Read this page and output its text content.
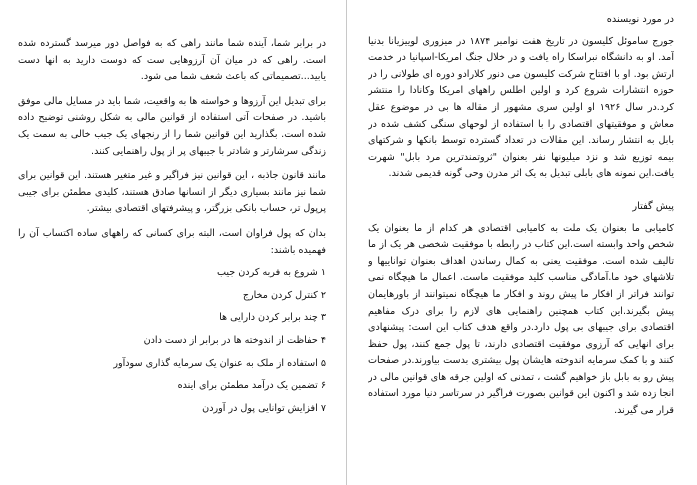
در برابر شما، آینده شما مانند راهی که به فواصل دور میرسد گسترده شده است. راهی که در میان آن آرزوهایی ست که دوست دارید به انها دست یابید...تصمیماتی که باعث شعف شما می شود.

برای تبدیل این آرزوها و خواسته ها به واقعیت، شما باید در مسایل مالی موفق باشید. در صفحات آتی استفاده از قوانین مالی به شکل روشنی توضیح داده شده است. بگذارید این قوانین شما را از رنجهای یک جیب خالی به سمت یک زندگی سرشارتر و شادتر با جیبهای پر از پول راهنمایی کنند.

مانند قانون جاذبه ، این قوانین نیز فراگیر و غیر متغیر هستند. این قوانین برای شما نیز مانند بسیاری دیگر از انسانها صادق هستند، کلیدی مطمئن برای جیبی پرپول تر، حساب بانکی بزرگتر، و پیشرفتهای اقتصادی بیشتر.

بدان که پول فراوان است، البته برای کسانی که راههای ساده اکتساب آن را فهمیده باشند:

۱ شروع به فربه کردن جیب
۲ کنترل کردن مخارج
۳ چند برابر کردن دارایی ها
۴ حفاظت از اندوخته ها در برابر از دست دادن
۵ استفاده از ملک به عنوان یک سرمایه گذاری سودآور
۶ تضمین یک درآمد مطمئن برای اینده
۷ افزایش توانایی پول در آوردن
در مورد نویسنده

جورج ساموئل کلیسون در تاریخ هفت نوامبر ۱۸۷۴ در میزوری لوییزیانا بدنیا آمد. او به دانشگاه نبراسکا راه یافت و در خلال جنگ امریکا-اسپانیا در خدمت ارتش بود. او با افتتاح شرکت کلیسون می دنور کلارادو دوره ای طولانی را در حوزه انتشارات شروع کرد و اولین اطلس راههای امریکا وکانادا را منتشر کرد.در سال ۱۹۲۶ او اولین سری مشهور از مقاله ها بی در موضوع عقل معاش و موفقیتهای اقتصادی را با استفاده از لوحهای سنگی کشف شده در بابل به انتشار رساند. این مقالات در تعداد گسترده توسط بانکها و شرکتهای بیمه توزیع شد و نزد میلیونها نفر بعنوان "ثروتمندترین مرد بابل" شهرت یافت.این نمونه های بابلی تبدیل به یک اثر مدرن وحی گونه قدیمی شدند.

پیش گفتار

کامیابی ما بعنوان یک ملت به کامیابی اقتصادی هر کدام از ما بعنوان یک شخص واحد وابسته است.این کتاب در رابطه با موفقیت شخصی هر یک از ما تالیف شده است. موفقیت یعنی به کمال رساندن اهداف بعنوان تواناییها و تلاشهای خود ما.آمادگی مناسب کلید موفقیت ماست. اعمال ما هیچگاه نمی توانند فراتر از افکار ما پیش روند و افکار ما هیچگاه نمیتوانند از باورهایمان پیش بگیرند.این کتاب همچنین راهنمایی های لازم را برای درک مفاهیم اقتصادی برای جیبهای بی پول دارد.در واقع هدف کتاب این است: پیشنهادی برای انهایی که آرزوی موفقیت اقتصادی دارند، تا پول جمع کنند، پول حفظ کنند و با کمک سرمایه اندوخته هایشان پول بیشتری بدست بیاورند.در صفحات پیش رو به بابل باز خواهیم گشت ، تمدنی که اولین جرقه های قوانین مالی در انجا زده شد و اکنون این قوانین بصورت فراگیر در سرتاسر دنیا مورد استفاده قرار می گیرند.
